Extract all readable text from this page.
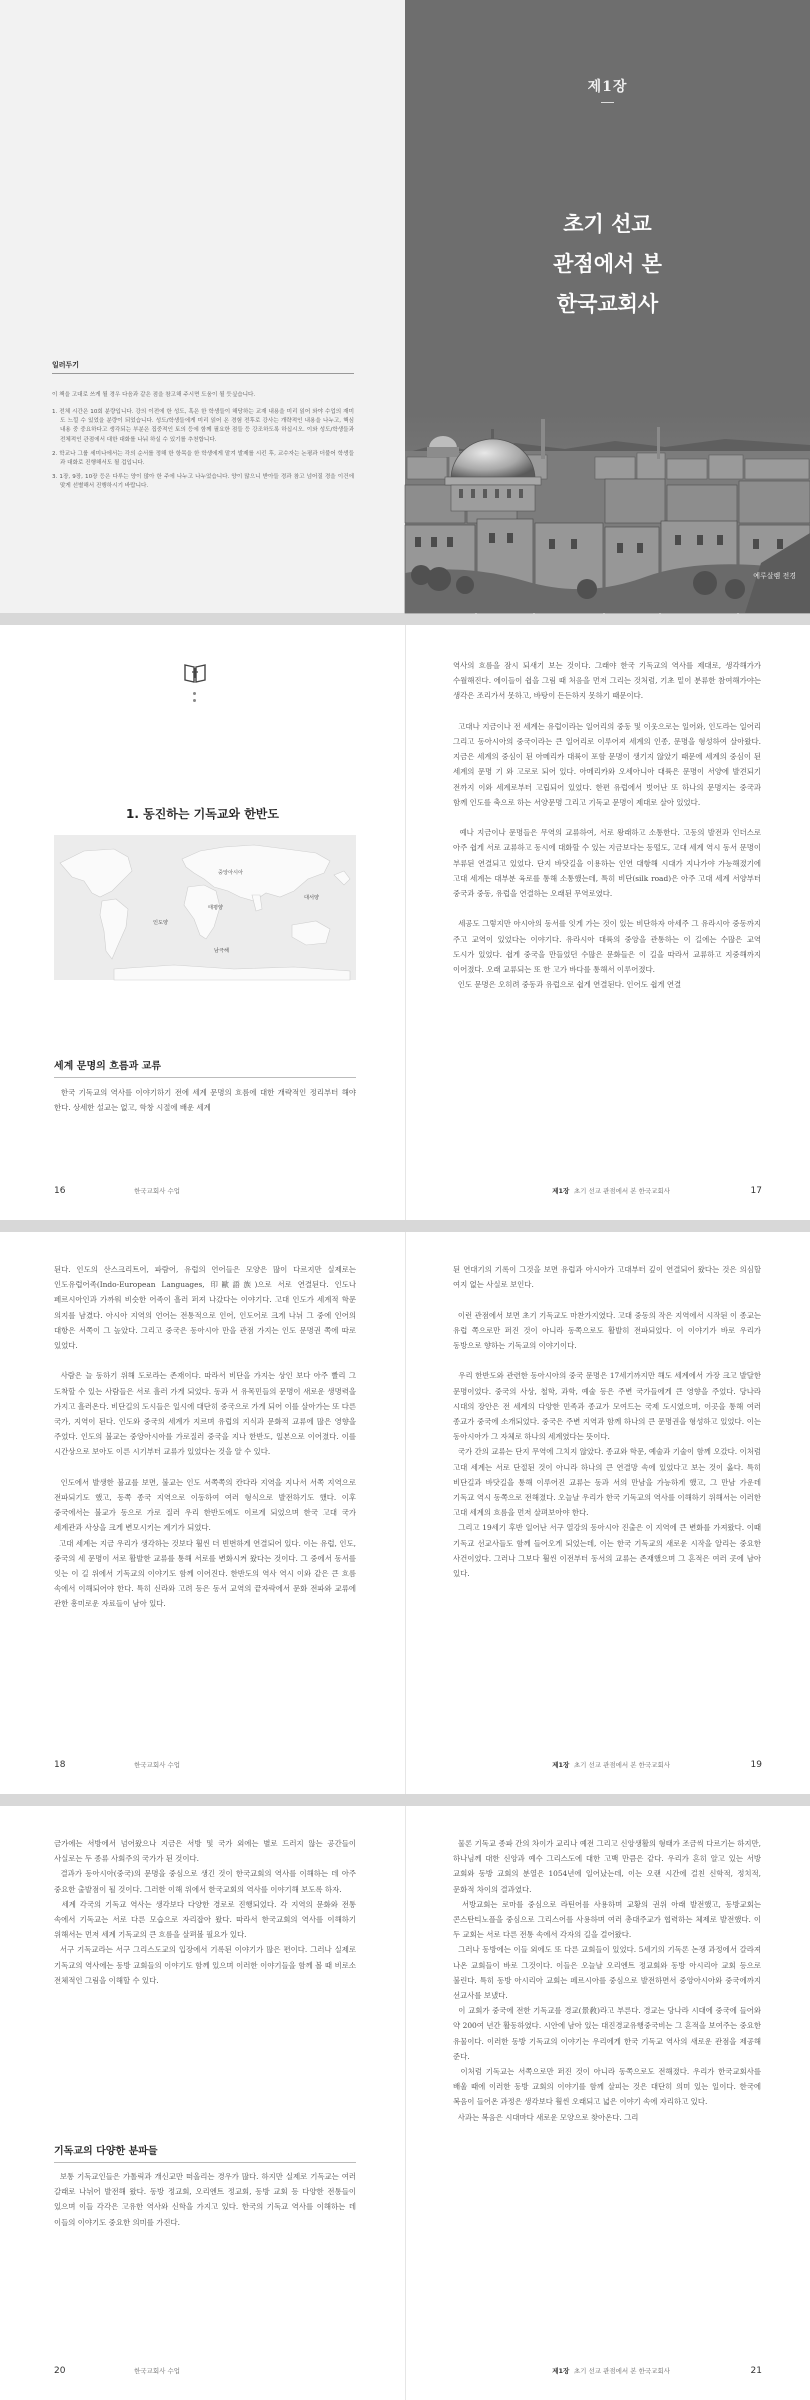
일러두기
이 책을 고대로 쓰게 될 경우 다음과 같은 점을 참고해 주시면 도움이 될 듯싶습니다.
1. 전체 시간은 10회 분량입니다. 강의 이전에 한 성도, 혹은 한 학생들이 해당하는 교재 내용을 미리 읽어 와야 수업의 재미도 느낄 수 있었을 분량이 되었습니다. 성도/학생들에게 미리 읽어 온 경험 전후로 강사는 개략적인 내용을 나누고, 핵심 내용 중 중요하다고 생각되는 부분은 집중적인 토의 등에 함께 필요한 점들 등 강조하도록 하십시오. 이와 성도/학생들과 전체적인 관점에서 대한 대화를 나눠 하실 수 있기를 추천합니다.
2. 학교나 그룹 세미나에서는 각의 순서를 정해 한 항목을 한 학생에게 맡겨 발제를 시킨 후, 교수자는 논평과 더불어 학생들과 대화로 진행해서도 될 겁입니다.
3. 1장, 9장, 10장 등은 다루는 양이 많아 한 주에 나누고 나누었습니다. 양이 많으니 받아들 경과 참고 넘어질 경을 이건에 맞게 선별해서 진행하시기 바랍니다.
제1장
초기 선교
관점에서 본
한국교회사
예루살렘 전경
1. 동진하는 기독교와 한반도
중앙아시아
인도양
태평양
남극해
대서양
세계 문명의 흐름과 교류
한국 기독교의 역사를 이야기하기 전에 세계 문명의 흐름에 대한 개략적인 정리부터 해야 한다. 상세한 설교는 없고, 학창 시절에 배운 세계
16	한국교회사 수업
역사의 흐름을 잠시 되새기 보는 것이다. 그래야 한국 기독교의 역사를 제대로, 생각해가가 수월해진다. 에이들이 쉽을 그림 때 처음을 먼저 그리는 것처럼, 기초 밑이 분류한 참여해가야는 생각은 조리가서 못하고, 바탕이 든든하지 못하기 때문이다.

고대나 지금이나 전 세계는 유럽이라는 일어리의 중동 및 이웃으로는 일어와, 인도라는 일어리 그리고 동아시아의 중국이라는 큰 일어리로 이루어져 세계의 인종, 문명을 형성하여 살아왔다. 지금은 세계의 중심이 된 아메리카 대륙이 포함 문명이 생기지 않았기 때문에 세계의 중심이 된 세계의 문명 기 와 고로로 되어 있다. 아메리카와 오세아니아 대륙은 문명이 서양에 발견되기 전까지 이와 세계로부터 고립되어 있었다. 한편 유럽에서 벗어난 또 하나의 문명지는 중국과 함께 인도를 축으로 하는 서양문명 그리고 기독교 문명이 제대로 살아 있었다.

예나 지금이나 문명들은 무역의 교류하여, 서로 왕래하고 소통한다. 고동의 발전과 인더스로 아주 쉽게 서로 교류하고 동시에 대화할 수 있는 지금보다는 동떨도, 고대 세계 역시 동서 문명이 부류된 연결되고 있었다. 단지 바닷길을 이용하는 인연 대항해 시대가 지나가야 가능해졌기에 고대 세계는 대부분 육로를 통해 소통했는데, 특히 비단(silk road)은 아주 고대 세계 서양부터 중국과 중동, 유럽을 연결하는 오래된 무역로였다.

세공도 그렇지만 아시아의 동서를 잇게 가는 것이 있는 비단하자 아세주 그 유라시아 중동까지 주고 교역이 있었다는 이야기다. 유라시아 대륙의 중앙을 관통하는 이 길에는 수많은 교역 도시가 있었다. 쉽게 중국을 만들었던 수많은 문화들은 이 길을 따라서 교류하고 지중해까지 이어졌다. 오래 교류되는 또 한 고가 바다를 통해서 이루어졌다.
인도 문명은 오히려 중동과 유럽으로 쉽게 연결된다. 인어도 쉽게 연결
제1장 초기 선교 관점에서 본 한국교회사	17
된다. 인도의 산스크리트어, 파람어, 유럽의 언어들은 모양은 많이 다르지만 실제로는 인도유럽어족(Indo-European Languages, 印歐語族)으로 서로 연결된다. 인도나 페르시아인과 가까워 비슷한 어족이 흘러 퍼져 나갔다는 이야기다. 고대 인도가 세계적 학문 의지를 남겼다. 아시아 지역의 언어는 전통적으로 인어, 인도어로 크게 나뉘 그 중에 인어의 대항은 서쪽이 그 높았다. 그리고 중국은 동아시아 만을 관점 가지는 인도 문명권 쪽에 따로 있었다.

사람은 늘 동하기 위해 도로라는 존재이다. 따라서 비단을 가지는 상인 보다 아주 빨리 그 도착할 수 있는 사람들은 서로 흘러 가게 되었다. 동과 서 유목민들의 문명이 새로운 생명력을 가지고 흘러온다. 비단길의 도시들은 일시에 대단히 중국으로 가게 되어 이를 살아가는 또 다른 국가, 지역이 된다. 인도와 중국의 세계가 지르며 유럽의 지식과 문화적 교류에 많은 영향을 주었다. 인도의 불교는 중앙아시아를 가로질러 중국을 지나 한반도, 일본으로 이어졌다. 이를 시간상으로 보아도 이른 시기부터 교류가 있었다는 것을 알 수 있다.

인도에서 발생한 불교를 보면, 불교는 인도 서쪽쪽의 칸다라 지역을 지나서 서쪽 지역으로 전파되기도 했고, 동쪽 종국 지역으로 이동하여 여러 형식으로 발전하기도 했다. 이후 중국에서는 불교가 동으로 가로 질러 우리 한반도에도 이르게 되었으며 한국 고대 국가 세계관과 사상을 크게 변모시키는 계기가 되었다.
고대 세계는 지금 우리가 생각하는 것보다 훨씬 더 빈번하게 연결되어 있다. 이는 유럽, 인도, 중국의 세 문명이 서로 활발한 교류를 통해 서로를 변화시켜 왔다는 것이다. 그 중에서 동서를 잇는 이 길 위에서 기독교의 이야기도 함께 이어진다. 한반도의 역사 역시 이와 같은 큰 흐름 속에서 이해되어야 한다. 특히 신라와 고려 등은 동서 교역의 끝자락에서 문화 전파와 교류에 관한 흥미로운 자료들이 남아 있다.
18	한국교회사 수업
된 연대기의 기록이 그것을 보면 유럽과 아시아가 고대부터 깊이 연결되어 왔다는 것은 의심할 여지 없는 사실로 보인다.

이런 관점에서 보면 초기 기독교도 마찬가지였다. 고대 중동의 작은 지역에서 시작된 이 종교는 유럽 쪽으로만 퍼진 것이 아니라 동쪽으로도 활발히 전파되었다. 이 이야기가 바로 우리가 동방으로 향하는 기독교의 이야기이다.

우리 한반도와 관련한 동아시아의 중국 문명은 17세기까지만 해도 세계에서 가장 크고 발달한 문명이었다. 중국의 사상, 철학, 과학, 예술 등은 주변 국가들에게 큰 영향을 주었다. 당나라 시대의 장안은 전 세계의 다양한 민족과 종교가 모여드는 국제 도시였으며, 이곳을 통해 여러 종교가 중국에 소개되었다. 중국은 주변 지역과 함께 하나의 큰 문명권을 형성하고 있었다. 이는 동아시아가 그 자체로 하나의 세계였다는 뜻이다.
국가 간의 교류는 단지 무역에 그치지 않았다. 종교와 학문, 예술과 기술이 함께 오갔다. 이처럼 고대 세계는 서로 단절된 것이 아니라 하나의 큰 연결망 속에 있었다고 보는 것이 옳다. 특히 비단길과 바닷길을 통해 이루어진 교류는 동과 서의 만남을 가능하게 했고, 그 만남 가운데 기독교 역시 동쪽으로 전해졌다. 오늘날 우리가 한국 기독교의 역사를 이해하기 위해서는 이러한 고대 세계의 흐름을 먼저 살펴보아야 한다.
그리고 19세기 후반 일어난 서구 열강의 동아시아 진출은 이 지역에 큰 변화를 가져왔다. 이때 기독교 선교사들도 함께 들어오게 되었는데, 이는 한국 기독교의 새로운 시작을 알리는 중요한 사건이었다. 그러나 그보다 훨씬 이전부터 동서의 교류는 존재했으며 그 흔적은 여러 곳에 남아 있다.
제1장 초기 선교 관점에서 본 한국교회사	19
금가에는 서방에서 넘어왔으나 지금은 서방 및 국가 외에는 별로 드러지 않는 공간들이 사실로는 두 종류 사회주의 국가가 된 것이다.
결과가 동아시아(중국)의 문명을 중심으로 생긴 것이 한국교회의 역사를 이해하는 데 아주 중요한 출발점이 될 것이다. 그러한 이해 위에서 한국교회의 역사를 이야기해 보도록 하자.
세계 각국의 기독교 역사는 생각보다 다양한 경로로 진행되었다. 각 지역의 문화와 전통 속에서 기독교는 서로 다른 모습으로 자리잡아 왔다. 따라서 한국교회의 역사를 이해하기 위해서는 먼저 세계 기독교의 큰 흐름을 살펴볼 필요가 있다.
서구 기독교라는 서구 그리스도교의 입장에서 기록된 이야기가 많은 편이다. 그러나 실제로 기독교의 역사에는 동방 교회들의 이야기도 함께 있으며 이러한 이야기들을 함께 볼 때 비로소 전체적인 그림을 이해할 수 있다.
기독교의 다양한 분파들
보통 기독교인들은 가톨릭과 개신교만 떠올리는 경우가 많다. 하지만 실제로 기독교는 여러 갈래로 나뉘어 발전해 왔다. 동방 정교회, 오리엔트 정교회, 동방 교회 등 다양한 전통들이 있으며 이들 각각은 고유한 역사와 신학을 가지고 있다. 한국의 기독교 역사를 이해하는 데 이들의 이야기도 중요한 의미를 가진다.
20	한국교회사 수업
물론 기독교 종파 간의 차이가 교리나 예전 그리고 신앙생활의 형태가 조금씩 다르기는 하지만, 하나님께 대한 신앙과 예수 그리스도에 대한 고백 만큼은 같다. 우리가 흔히 알고 있는 서방 교회와 동방 교회의 분열은 1054년에 일어났는데, 이는 오랜 시간에 걸친 신학적, 정치적, 문화적 차이의 결과였다.
서방교회는 로마를 중심으로 라틴어를 사용하며 교황의 권위 아래 발전했고, 동방교회는 콘스탄티노플을 중심으로 그리스어를 사용하며 여러 총대주교가 협력하는 체제로 발전했다. 이 두 교회는 서로 다른 전통 속에서 각자의 길을 걸어왔다.
그러나 동방에는 이들 외에도 또 다른 교회들이 있었다. 5세기의 기독론 논쟁 과정에서 갈라져 나온 교회들이 바로 그것이다. 이들은 오늘날 오리엔트 정교회와 동방 아시리아 교회 등으로 불린다. 특히 동방 아시리아 교회는 페르시아를 중심으로 발전하면서 중앙아시아와 중국에까지 선교사를 보냈다.
이 교회가 중국에 전한 기독교를 경교(景敎)라고 부른다. 경교는 당나라 시대에 중국에 들어와 약 200여 년간 활동하였다. 시안에 남아 있는 대진경교유행중국비는 그 흔적을 보여주는 중요한 유물이다. 이러한 동방 기독교의 이야기는 우리에게 한국 기독교 역사의 새로운 관점을 제공해 준다.
이처럼 기독교는 서쪽으로만 퍼진 것이 아니라 동쪽으로도 전해졌다. 우리가 한국교회사를 배울 때에 이러한 동방 교회의 이야기를 함께 살피는 것은 대단히 의미 있는 일이다. 한국에 복음이 들어온 과정은 생각보다 훨씬 오래되고 넓은 이야기 속에 자리하고 있다.
사과는 복음은 시대마다 새로운 모양으로 찾아온다. 그리
제1장 초기 선교 관점에서 본 한국교회사	21
